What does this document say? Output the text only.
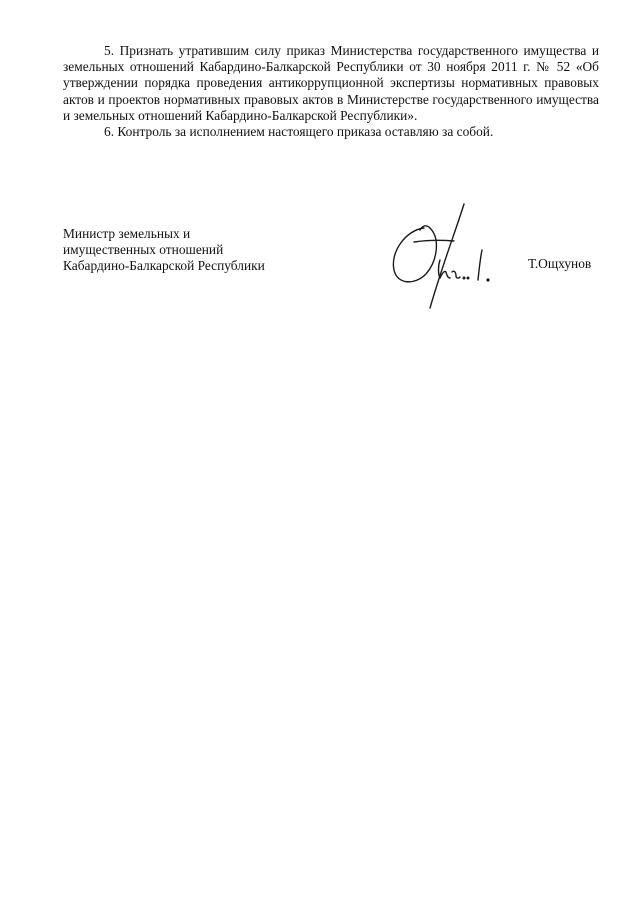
5. Признать утратившим силу приказ Министерства государственного имущества и земельных отношений Кабардино-Балкарской Республики от 30 ноября 2011 г. № 52 «Об утверждении порядка проведения антикоррупционной экспертизы нормативных правовых актов и проектов нормативных правовых актов в Министерстве государственного имущества и земельных отношений Кабардино-Балкарской Республики».

6. Контроль за исполнением настоящего приказа оставляю за собой.

Министр земельных и
имущественных отношений
Кабардино-Балкарской Республики	Т.Ощхунов
